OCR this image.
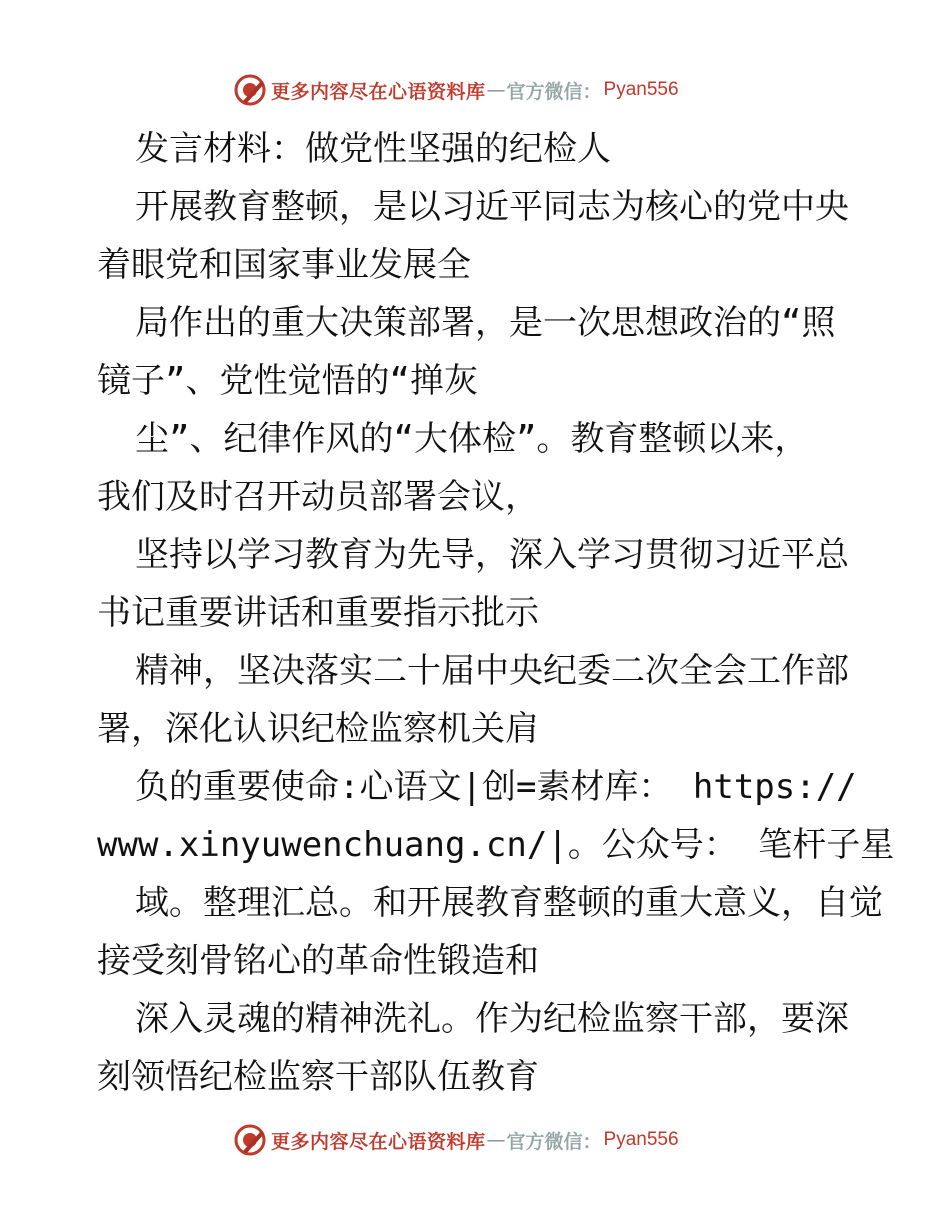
更多内容尽在心语资料库 — 官方微信： Pyan556
发言材料：做党性坚强的纪检人
开展教育整顿，是以习近平同志为核心的党中央
着眼党和国家事业发展全
局作出的重大决策部署，是一次思想政治的“照
镜子”、党性觉悟的“掸灰
尘”、纪律作风的“大体检”。教育整顿以来，
我们及时召开动员部署会议，
坚持以学习教育为先导，深入学习贯彻习近平总
书记重要讲话和重要指示批示
精神，坚决落实二十届中央纪委二次全会工作部
署，深化认识纪检监察机关肩
负的重要使命:心语文|创=素材库： https://
www.xinyuwenchuang.cn/|。公众号： 笔杆子星
域。整理汇总。和开展教育整顿的重大意义，自觉
接受刻骨铭心的革命性锻造和
深入灵魂的精神洗礼。作为纪检监察干部，要深
刻领悟纪检监察干部队伍教育
更多内容尽在心语资料库 — 官方微信： Pyan556
